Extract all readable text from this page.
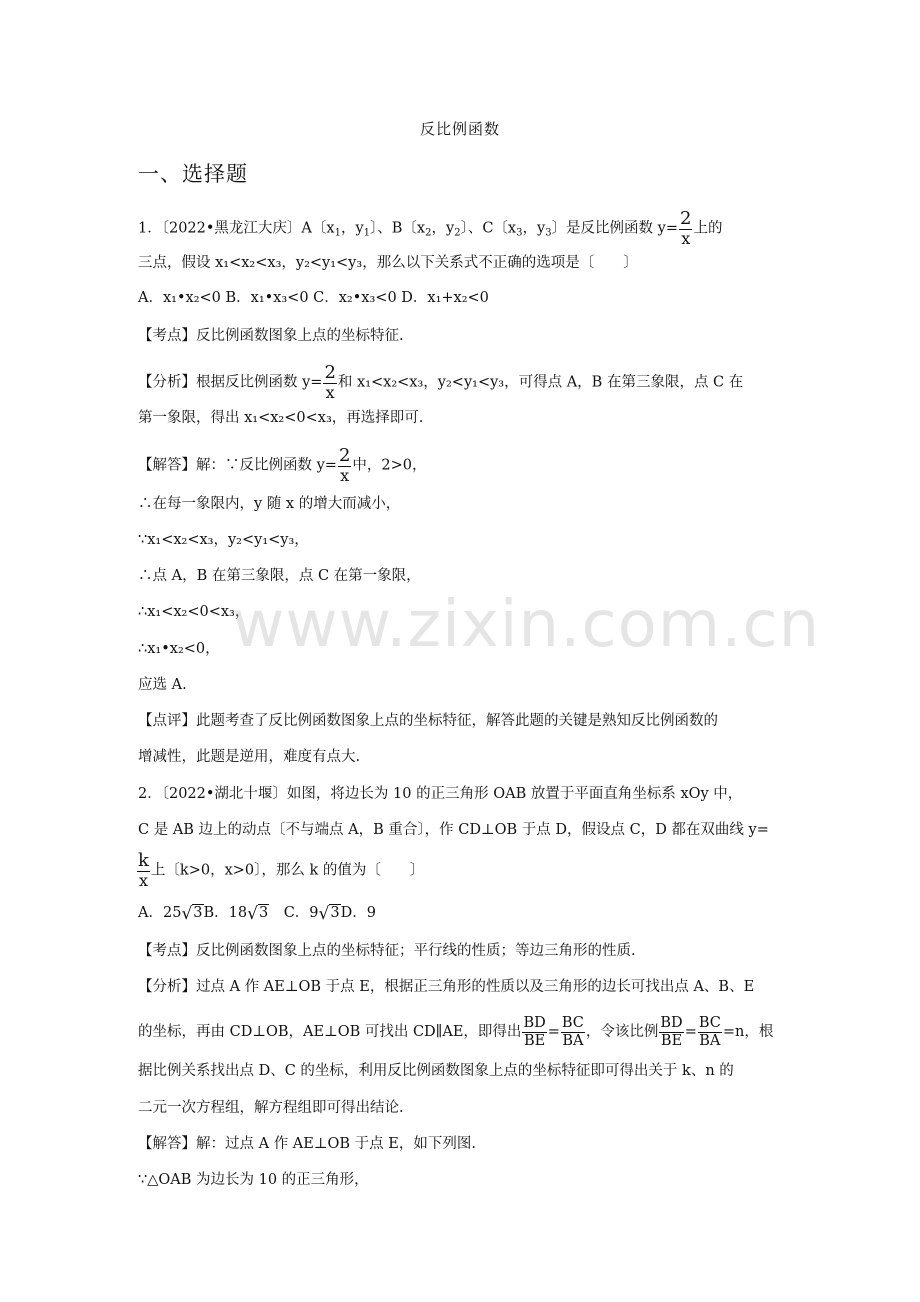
反比例函数
一、选择题
1．〔2022•黑龙江大庆〕A〔$x_1$，$y_1$〕、B〔$x_2$，$y_2$〕、C〔$x_3$，$y_3$〕是反比例函数 $y= \frac{2}{x}$ 上的
三点，假设 x₁<x₂<x₃，y₂<y₁<y₃，那么以下关系式不正确的选项是〔　　〕
A．x₁•x₂<0 B．x₁•x₃<0 C．x₂•x₃<0 D．x₁+x₂<0
【考点】反比例函数图象上点的坐标特征.
【分析】根据反比例函数 $y= \frac{2}{x}$ 和 x₁<x₂<x₃，y₂<y₁<y₃，可得点 A，B 在第三象限，点 C 在
第一象限，得出 x₁<x₂<0<x₃，再选择即可.
【解答】解：∵反比例函数 $y= \frac{2}{x}$ 中，2>0，
∴在每一象限内，y 随 x 的增大而减小，
∵x₁<x₂<x₃，y₂<y₁<y₃，
∴点 A，B 在第三象限，点 C 在第一象限，
∴x₁<x₂<0<x₃，
∴x₁•x₂<0，
应选 A.
【点评】此题考查了反比例函数图象上点的坐标特征，解答此题的关键是熟知反比例函数的
增减性，此题是逆用，难度有点大.
2．〔2022•湖北十堰〕如图，将边长为 10 的正三角形 OAB 放置于平面直角坐标系 xOy 中，
C 是 AB 边上的动点〔不与端点 A，B 重合〕，作 CD⊥OB 于点 D，假设点 C，D 都在双曲线 y=
$\frac{k}{x}$ 上〔k>0，x>0〕，那么 k 的值为〔　　〕
A．25√3B．18√3　C．9√3D．9
【考点】反比例函数图象上点的坐标特征；平行线的性质；等边三角形的性质.
【分析】过点 A 作 AE⊥OB 于点 E，根据正三角形的性质以及三角形的边长可找出点 A、B、E
的坐标，再由 CD⊥OB，AE⊥OB 可找出 CD∥AE，即得出 $\frac{BD}{BE} = \frac{BC}{BA}$ ，令该比例 $\frac{BD}{BE} = \frac{BC}{BA} =n$，根
据比例关系找出点 D、C 的坐标，利用反比例函数图象上点的坐标特征即可得出关于 k、n 的
二元一次方程组，解方程组即可得出结论.
【解答】解：过点 A 作 AE⊥OB 于点 E，如下列图.
∵△OAB 为边长为 10 的正三角形，
www.zixin.com.cn
